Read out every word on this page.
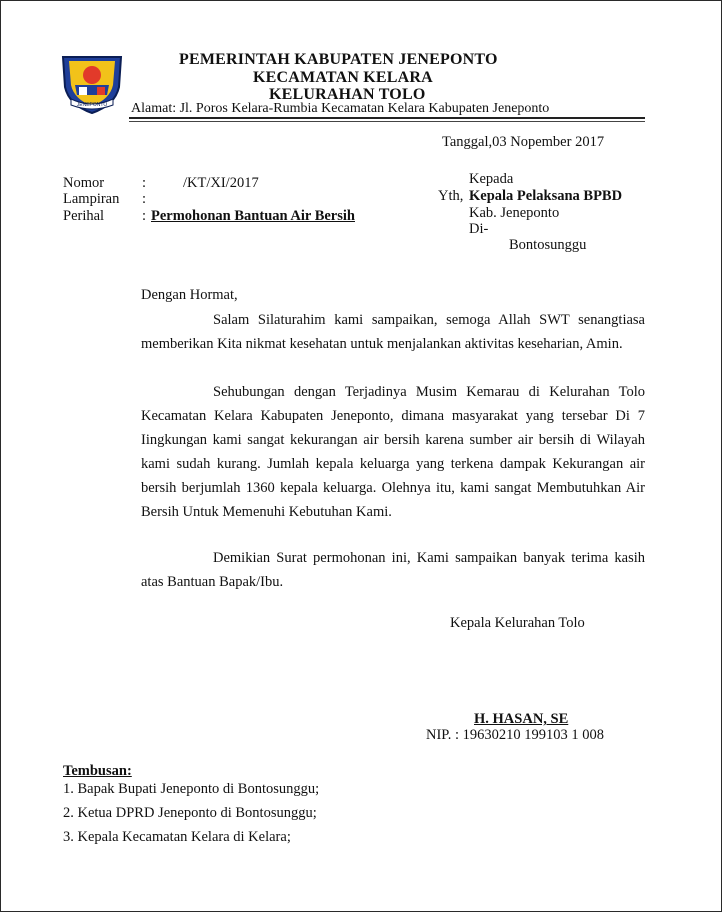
JENEPONTO
PEMERINTAH KABUPATEN JENEPONTO
KECAMATAN KELARA
KELURAHAN TOLO
Alamat: Jl. Poros Kelara-Rumbia Kecamatan Kelara Kabupaten Jeneponto
Tanggal,03 Nopember 2017
Nomor	:	/KT/XI/2017
Lampiran :
Perihal	: Permohonan Bantuan Air Bersih
Kepada
Yth, Kepala Pelaksana BPBD
Kab. Jeneponto
Di-
Bontosunggu
Dengan Hormat,
Salam Silaturahim kami sampaikan, semoga Allah SWT senangtiasa memberikan Kita nikmat kesehatan untuk menjalankan aktivitas keseharian, Amin.
Sehubungan dengan Terjadinya Musim Kemarau di Kelurahan Tolo Kecamatan Kelara Kabupaten Jeneponto, dimana masyarakat yang tersebar Di 7 Iingkungan kami sangat kekurangan air bersih karena sumber air bersih di Wilayah kami sudah kurang. Jumlah kepala keluarga yang terkena dampak Kekurangan air bersih berjumlah 1360 kepala keluarga. Olehnya itu, kami sangat Membutuhkan Air Bersih Untuk Memenuhi Kebutuhan Kami.
Demikian Surat permohonan ini, Kami sampaikan banyak terima kasih atas Bantuan Bapak/Ibu.
Kepala Kelurahan Tolo
H. HASAN, SE
NIP. : 19630210 199103 1 008
Tembusan:
1. Bapak Bupati Jeneponto di Bontosunggu;
2. Ketua DPRD Jeneponto di Bontosunggu;
3. Kepala Kecamatan Kelara di Kelara;
